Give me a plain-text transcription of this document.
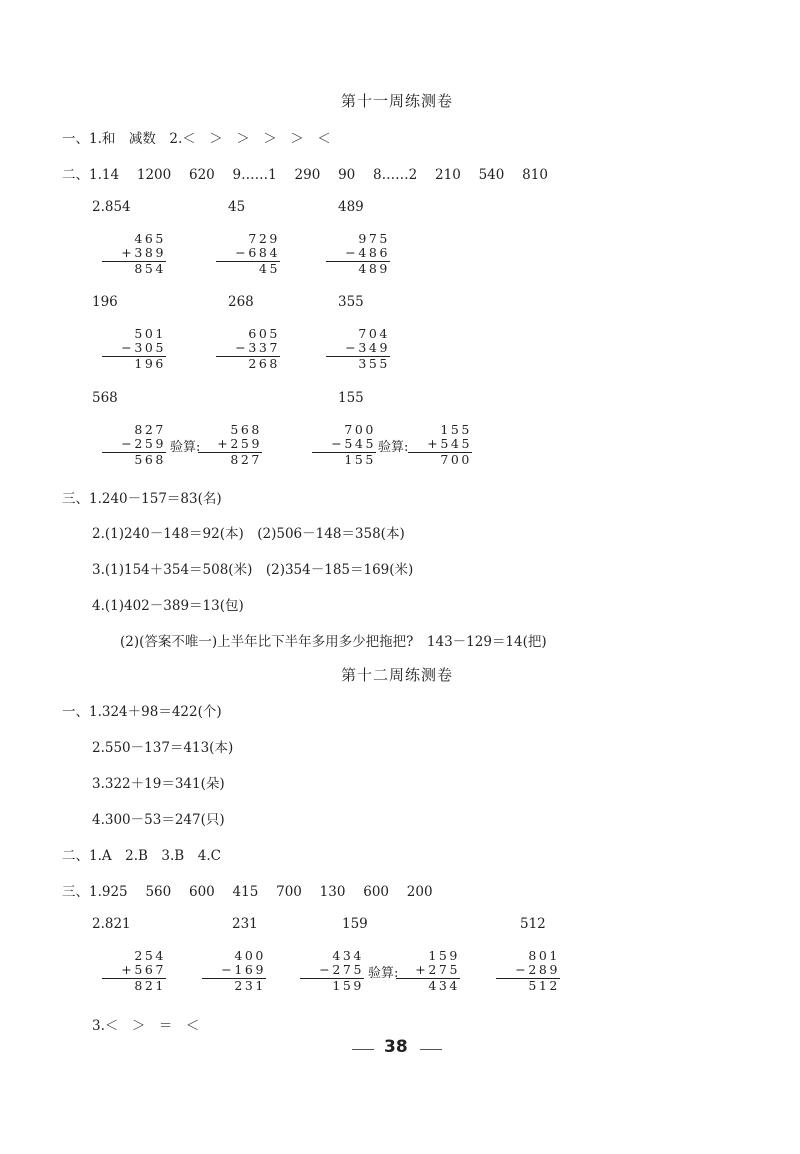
第十一周练测卷
一、1.和　减数　2.＜　＞　＞　＞　＞　＜
二、1.14　 1200　 620　 9……1　 290　 90　 8……2　 210　 540　 810
2.854	45	489
465
+389
854
729
−684
45
975
−486
489
196	268	355
501
−305
196
605
−337
268
704
−349
355
568	155
827
−259
568
验算:
568
+259
827
700
−545
155
验算:
155
+545
700
三、1.240－157＝83(名)
2.(1)240－148＝92(本)　(2)506－148＝358(本)
3.(1)154＋354＝508(米)　(2)354－185＝169(米)
4.(1)402－389＝13(包)
(2)(答案不唯一)上半年比下半年多用多少把拖把?　143－129＝14(把)
第十二周练测卷
一、1.324＋98＝422(个)
2.550－137＝413(本)
3.322＋19＝341(朵)
4.300－53＝247(只)
二、1.A　2.B　3.B　4.C
三、1.925　 560　 600　 415　 700　 130　 600　 200
2.821	231	159	512
254
+567
821
400
−169
231
434
−275
159
验算:
159
+275
434
801
−289
512
3.＜　＞　＝　＜
38
